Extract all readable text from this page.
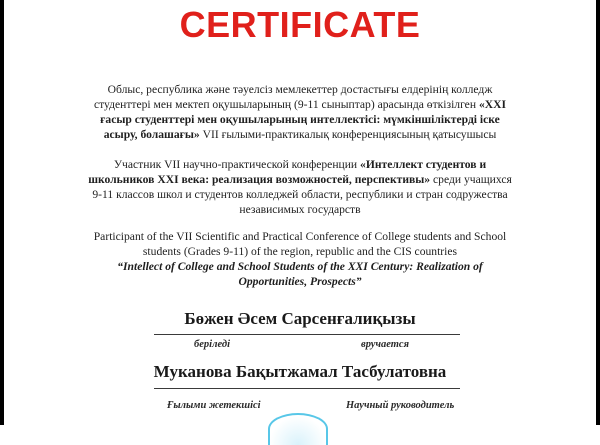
CERTIFICATE
Облыс, республика және тәуелсіз мемлекеттер достастығы елдерінің колледж студенттері мен мектеп оқушыларының (9-11 сыныптар) арасында өткізілген «XXI ғасыр студенттері мен оқушыларының интеллектісі: мүмкіншіліктерді іске асыру, болашағы» VII ғылыми-практикалық конференциясының қатысушысы
Участник VII научно-практической конференции «Интеллект студентов и школьников XXI века: реализация возможностей, перспективы» среди учащихся 9-11 классов школ и студентов колледжей области, республики и стран содружества независимых государств
Participant of the VII Scientific and Practical Conference of College students and School students (Grades 9-11) of the region, republic and the CIS countries
“Intellect of College and School Students of the XXI Century: Realization of Opportunities, Prospects”
Бөжен Әсем Сарсенғалиқызы
беріледі	вручается
Муканова Бақытжамал Тасбулатовна
Ғылыми жетекшісі	Научный руководитель
